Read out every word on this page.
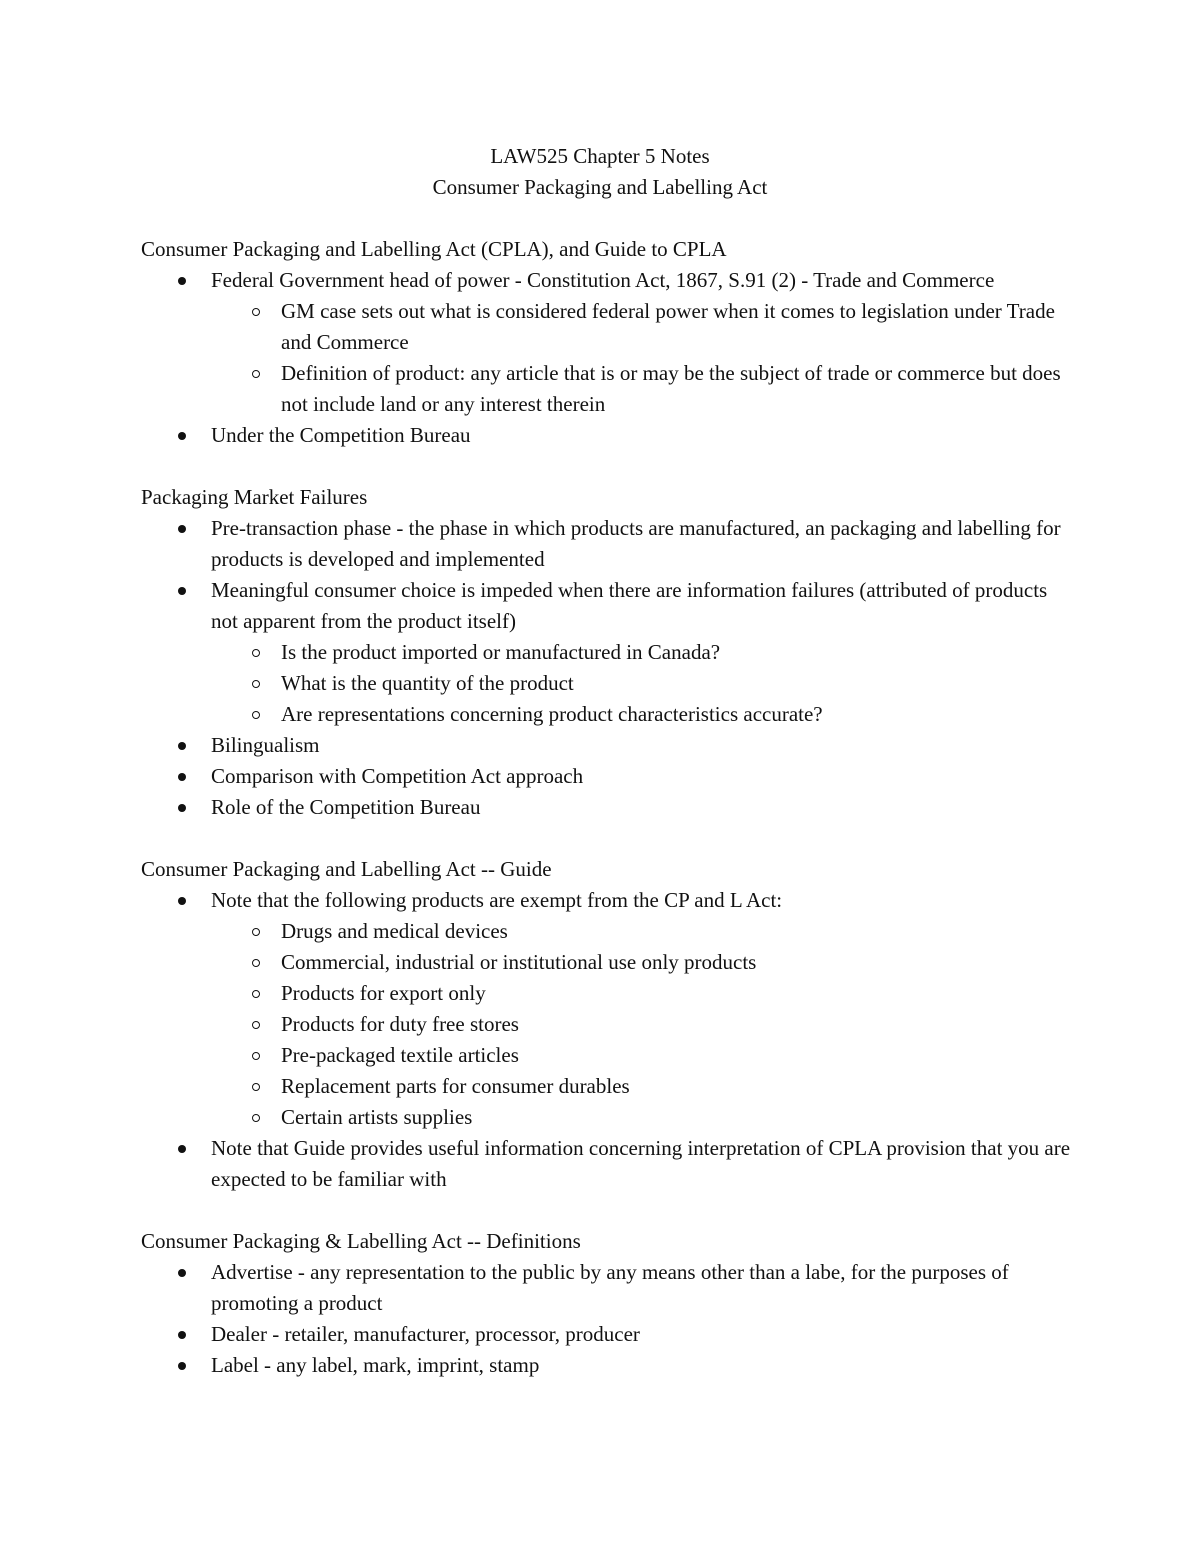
LAW525 Chapter 5 Notes
Consumer Packaging and Labelling Act
Consumer Packaging and Labelling Act (CPLA), and Guide to CPLA
Federal Government head of power - Constitution Act, 1867, S.91 (2) - Trade and Commerce
GM case sets out what is considered federal power when it comes to legislation under Trade and Commerce
Definition of product: any article that is or may be the subject of trade or commerce but does not include land or any interest therein
Under the Competition Bureau
Packaging Market Failures
Pre-transaction phase - the phase in which products are manufactured, an packaging and labelling for products is developed and implemented
Meaningful consumer choice is impeded when there are information failures (attributed of products not apparent from the product itself)
Is the product imported or manufactured in Canada?
What is the quantity of the product
Are representations concerning product characteristics accurate?
Bilingualism
Comparison with Competition Act approach
Role of the Competition Bureau
Consumer Packaging and Labelling Act -- Guide
Note that the following products are exempt from the CP and L Act:
Drugs and medical devices
Commercial, industrial or institutional use only products
Products for export only
Products for duty free stores
Pre-packaged textile articles
Replacement parts for consumer durables
Certain artists supplies
Note that Guide provides useful information concerning interpretation of CPLA provision that you are expected to be familiar with
Consumer Packaging & Labelling Act -- Definitions
Advertise - any representation to the public by any means other than a labe, for the purposes of promoting a product
Dealer - retailer, manufacturer, processor, producer
Label - any label, mark, imprint, stamp
